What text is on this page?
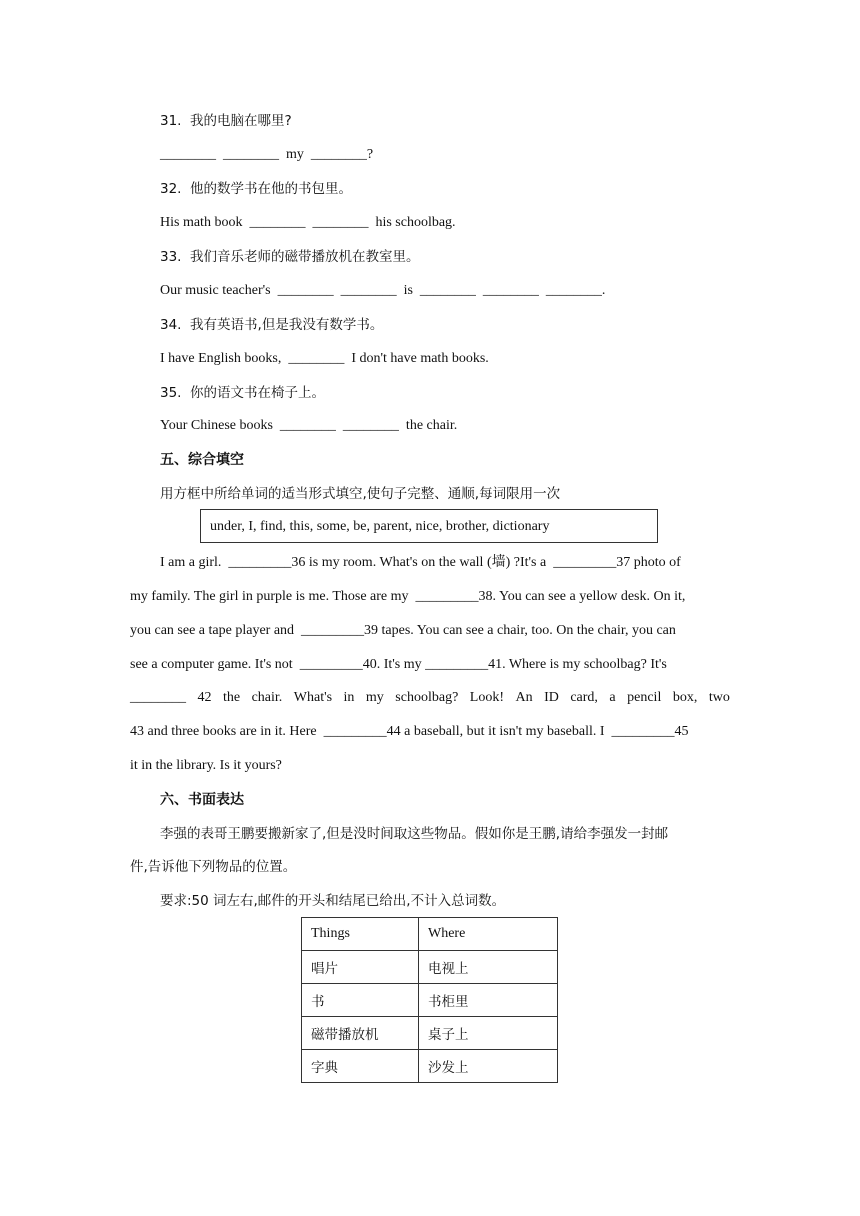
31.  我的电脑在哪里?
________  ________  my  ________?
32.  他的数学书在他的书包里。
His math book  ________  ________  his schoolbag.
33.  我们音乐老师的磁带播放机在教室里。
Our music teacher's  ________  ________  is  ________  ________  ________.
34.  我有英语书,但是我没有数学书。
I have English books,  ________  I don't have math books.
35.  你的语文书在椅子上。
Your Chinese books  ________  ________  the chair.
五、综合填空
用方框中所给单词的适当形式填空,使句子完整、通顺,每词限用一次
under, I, find, this, some, be, parent, nice, brother, dictionary
I am a girl.  _________36 is my room. What's on the wall (墙) ?It's a  _________37 photo of
my family. The girl in purple is me. Those are my  _________38. You can see a yellow desk. On it,
you can see a tape player and  _________39 tapes. You can see a chair, too. On the chair, you can
see a computer game. It's not  _________40. It's my _________41. Where is my schoolbag? It's
________ 42 the chair. What's in my schoolbag? Look! An ID card, a pencil box, two
43 and three books are in it. Here  _________44 a baseball, but it isn't my baseball. I  _________45
it in the library. Is it yours?
六、书面表达
李强的表哥王鹏要搬新家了,但是没时间取这些物品。假如你是王鹏,请给李强发一封邮
件,告诉他下列物品的位置。
要求:50 词左右,邮件的开头和结尾已给出,不计入总词数。
Things	Where
唱片	电视上
书	书柜里
磁带播放机	桌子上
字典	沙发上
